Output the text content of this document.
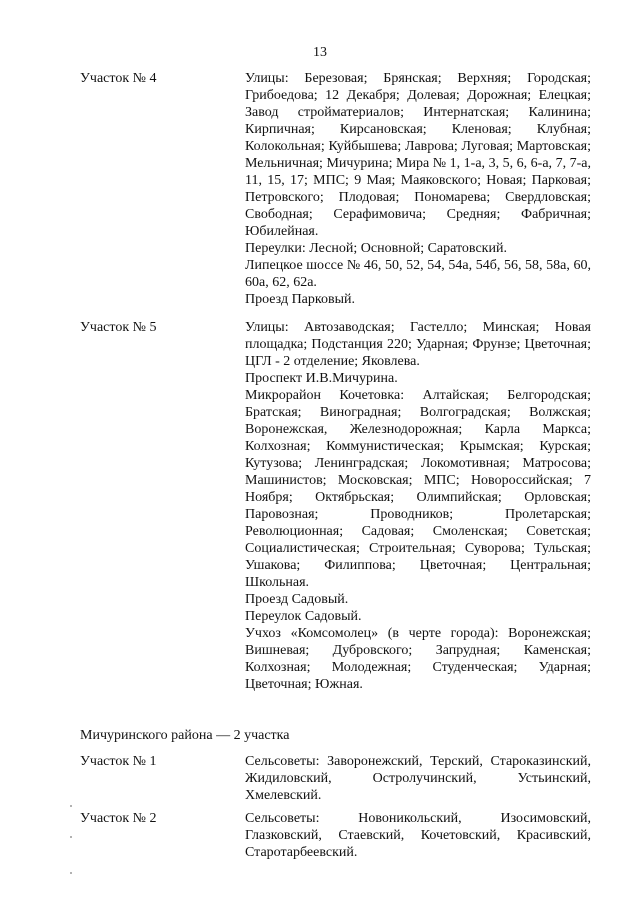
13
Участок № 4	Улицы: Березовая; Брянская; Верхняя; Городская; Грибоедова; 12 Декабря; Долевая; Дорожная; Елецкая; Завод стройматериалов; Интернатская; Калинина; Кирпичная; Кирсановская; Кленовая; Клубная; Колокольная; Куйбышева; Лаврова; Луговая; Мартовская; Мельничная; Мичурина; Мира № 1, 1-а, 3, 5, 6, 6-а, 7, 7-а, 11, 15, 17; МПС; 9 Мая; Маяковского; Новая; Парковая; Петровского; Плодовая; Пономарева; Свердловская; Свободная; Серафимовича; Средняя; Фабричная; Юбилейная.

Переулки: Лесной; Основной; Саратовский.

Липецкое шоссе № 46, 50, 52, 54, 54а, 54б, 56, 58, 58а, 60, 60а, 62, 62а.

Проезд Парковый.

Участок № 5	Улицы: Автозаводская; Гастелло; Минская; Новая площадка; Подстанция 220; Ударная; Фрунзе; Цветочная; ЦГЛ - 2 отделение; Яковлева.

Проспект И.В.Мичурина.

Микрорайон Кочетовка: Алтайская; Белгородская; Братская; Виноградная; Волгоградская; Волжская; Воронежская, Железнодорожная; Карла Маркса; Колхозная; Коммунистическая; Крымская; Курская; Кутузова; Ленинградская; Локомотивная; Матросова; Машинистов; Московская; МПС; Новороссийская; 7 Ноября; Октябрьская; Олимпийская; Орловская; Паровозная; Проводников; Пролетарская; Революционная; Садовая; Смоленская; Советская; Социалистическая; Строительная; Суворова; Тульская; Ушакова; Филиппова; Цветочная; Центральная; Школьная.

Проезд Садовый.

Переулок Садовый.

Учхоз «Комсомолец» (в черте города): Воронежская; Вишневая; Дубровского; Запрудная; Каменская; Колхозная; Молодежная; Студенческая; Ударная; Цветочная; Южная.

Мичуринского района — 2 участка
Участок № 1	Сельсоветы: Заворонежский, Терский, Староказинский, Жидиловский, Остролучинский, Устьинский, Хмелевский.

Участок № 2	Сельсоветы: Новоникольский, Изосимовский, Глазковский, Стаевский, Кочетовский, Красивский, Старотарбеевский.
